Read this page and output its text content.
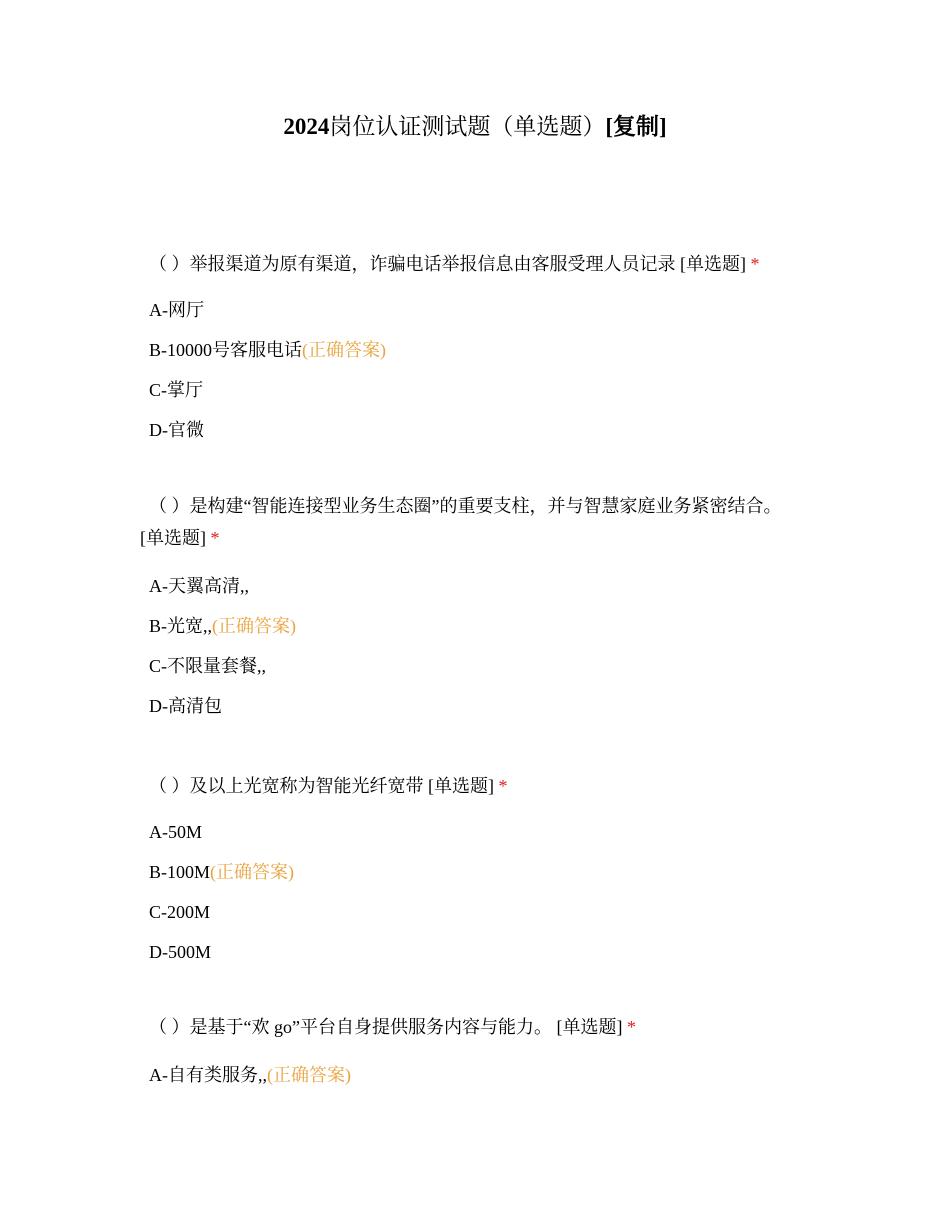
2024岗位认证测试题（单选题）[复制]

（ ）举报渠道为原有渠道，诈骗电话举报信息由客服受理人员记录 [单选题] *

A-网厅

B-10000号客服电话 (正确答案)

C-掌厅

D-官微

（ ）是构建“智能连接型业务生态圈”的重要支柱，并与智慧家庭业务紧密结合。
[单选题] *

A-天翼高清,,

B-光宽,, (正确答案)

C-不限量套餐,,

D-高清包

（ ）及以上光宽称为智能光纤宽带 [单选题] *

A-50M

B-100M (正确答案)

C-200M

D-500M

（ ）是基于“欢 go”平台自身提供服务内容与能力。 [单选题] *

A-自有类服务,, (正确答案)
